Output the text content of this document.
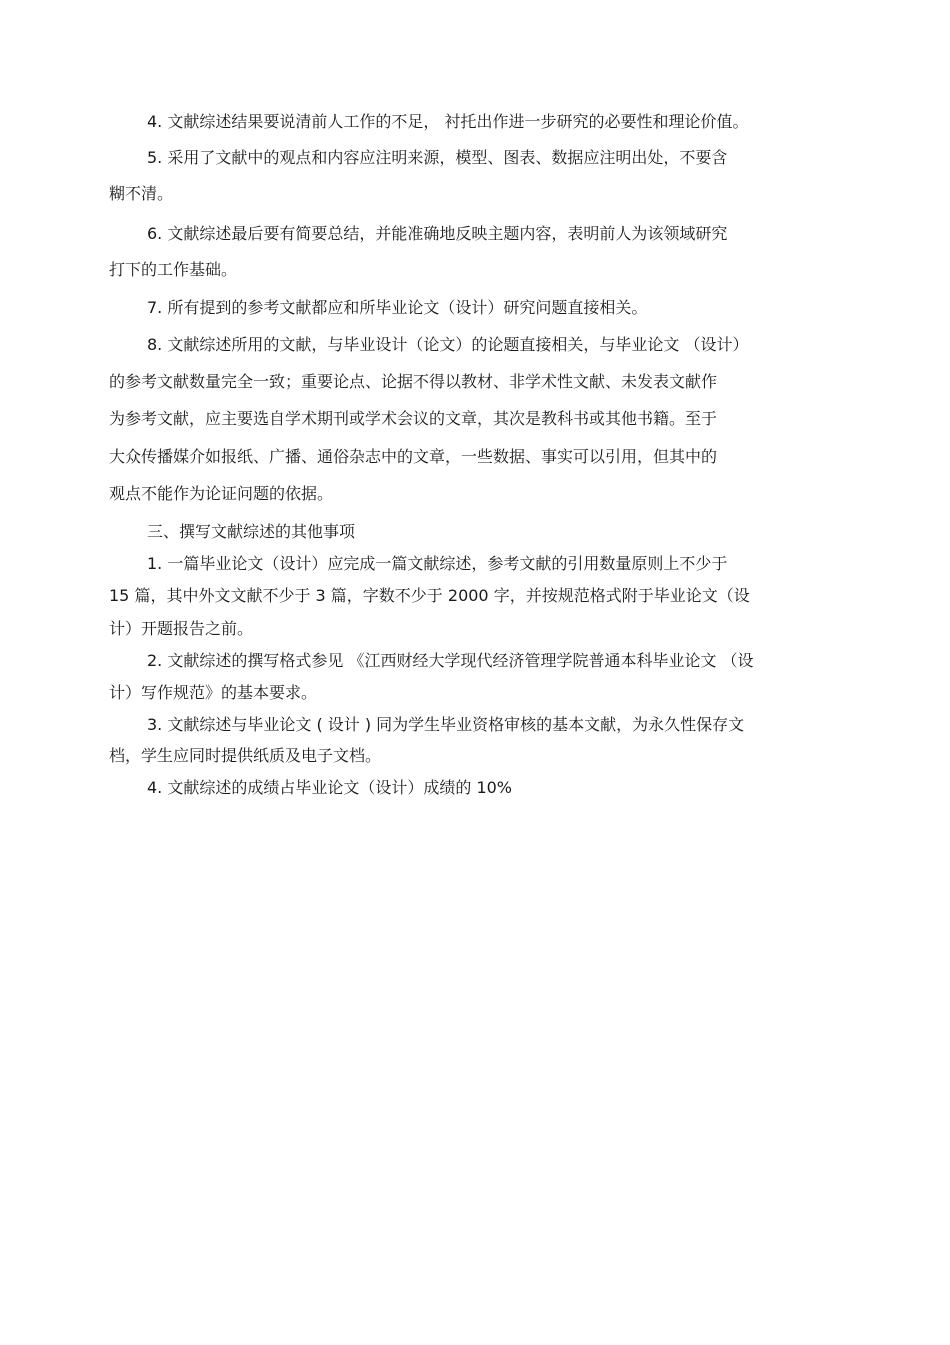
4. 文献综述结果要说清前人工作的不足， 衬托出作进一步研究的必要性和理论价值。
5. 采用了文献中的观点和内容应注明来源，模型、图表、数据应注明出处，不要含
糊不清。
6. 文献综述最后要有简要总结，并能准确地反映主题内容，表明前人为该领域研究
打下的工作基础。
7. 所有提到的参考文献都应和所毕业论文（设计）研究问题直接相关。
8. 文献综述所用的文献，与毕业设计（论文）的论题直接相关，与毕业论文 （设计）
的参考文献数量完全一致；重要论点、论据不得以教材、非学术性文献、未发表文献作
为参考文献，应主要选自学术期刊或学术会议的文章，其次是教科书或其他书籍。至于
大众传播媒介如报纸、广播、通俗杂志中的文章，一些数据、事实可以引用，但其中的
观点不能作为论证问题的依据。
三、撰写文献综述的其他事项
1. 一篇毕业论文（设计）应完成一篇文献综述，参考文献的引用数量原则上不少于
15 篇，其中外文文献不少于 3 篇，字数不少于 2000 字，并按规范格式附于毕业论文（设
计）开题报告之前。
2. 文献综述的撰写格式参见 《江西财经大学现代经济管理学院普通本科毕业论文 （设
计）写作规范》的基本要求。
3. 文献综述与毕业论文 ( 设计 ) 同为学生毕业资格审核的基本文献，为永久性保存文
档，学生应同时提供纸质及电子文档。
4. 文献综述的成绩占毕业论文（设计）成绩的 10%
